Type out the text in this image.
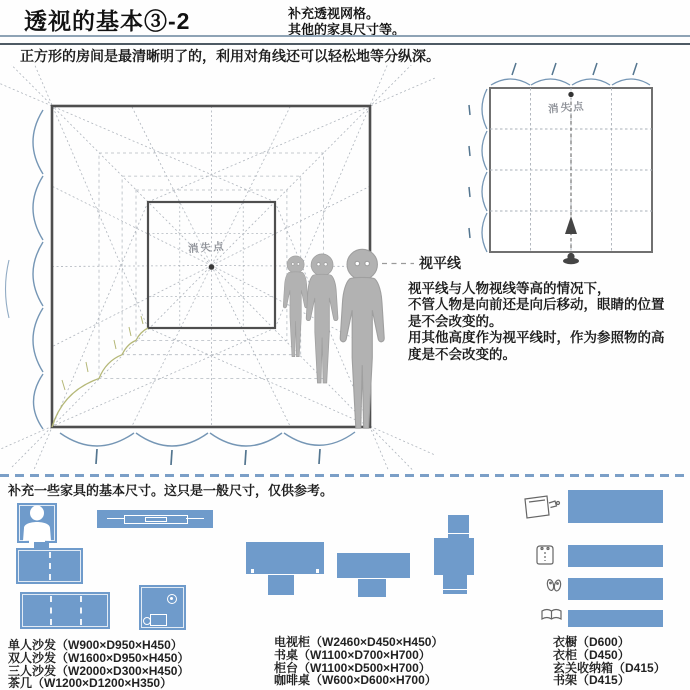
透视的基本③-2	补充透视网格。
其他的家具尺寸等。
正方形的房间是最清晰明了的，利用对角线还可以轻松地等分纵深。
消失点
消失点
视平线
视平线与人物视线等高的情况下，
不管人物是向前还是向后移动，眼睛的位置
是不会改变的。
用其他高度作为视平线时，作为参照物的高
度是不会改变的。
补充一些家具的基本尺寸。这只是一般尺寸，仅供参考。
单人沙发（W900×D950×H450）
双人沙发（W1600×D950×H450）
三人沙发（W2000×D300×H450）
茶几（W1200×D1200×H350）
电视柜（W2460×D450×H450）
书桌（W1100×D700×H700）
柜台（W1100×D500×H700）
咖啡桌（W600×D600×H700）
衣橱（D600）
衣柜（D450）
玄关收纳箱（D415）
书架（D415）
